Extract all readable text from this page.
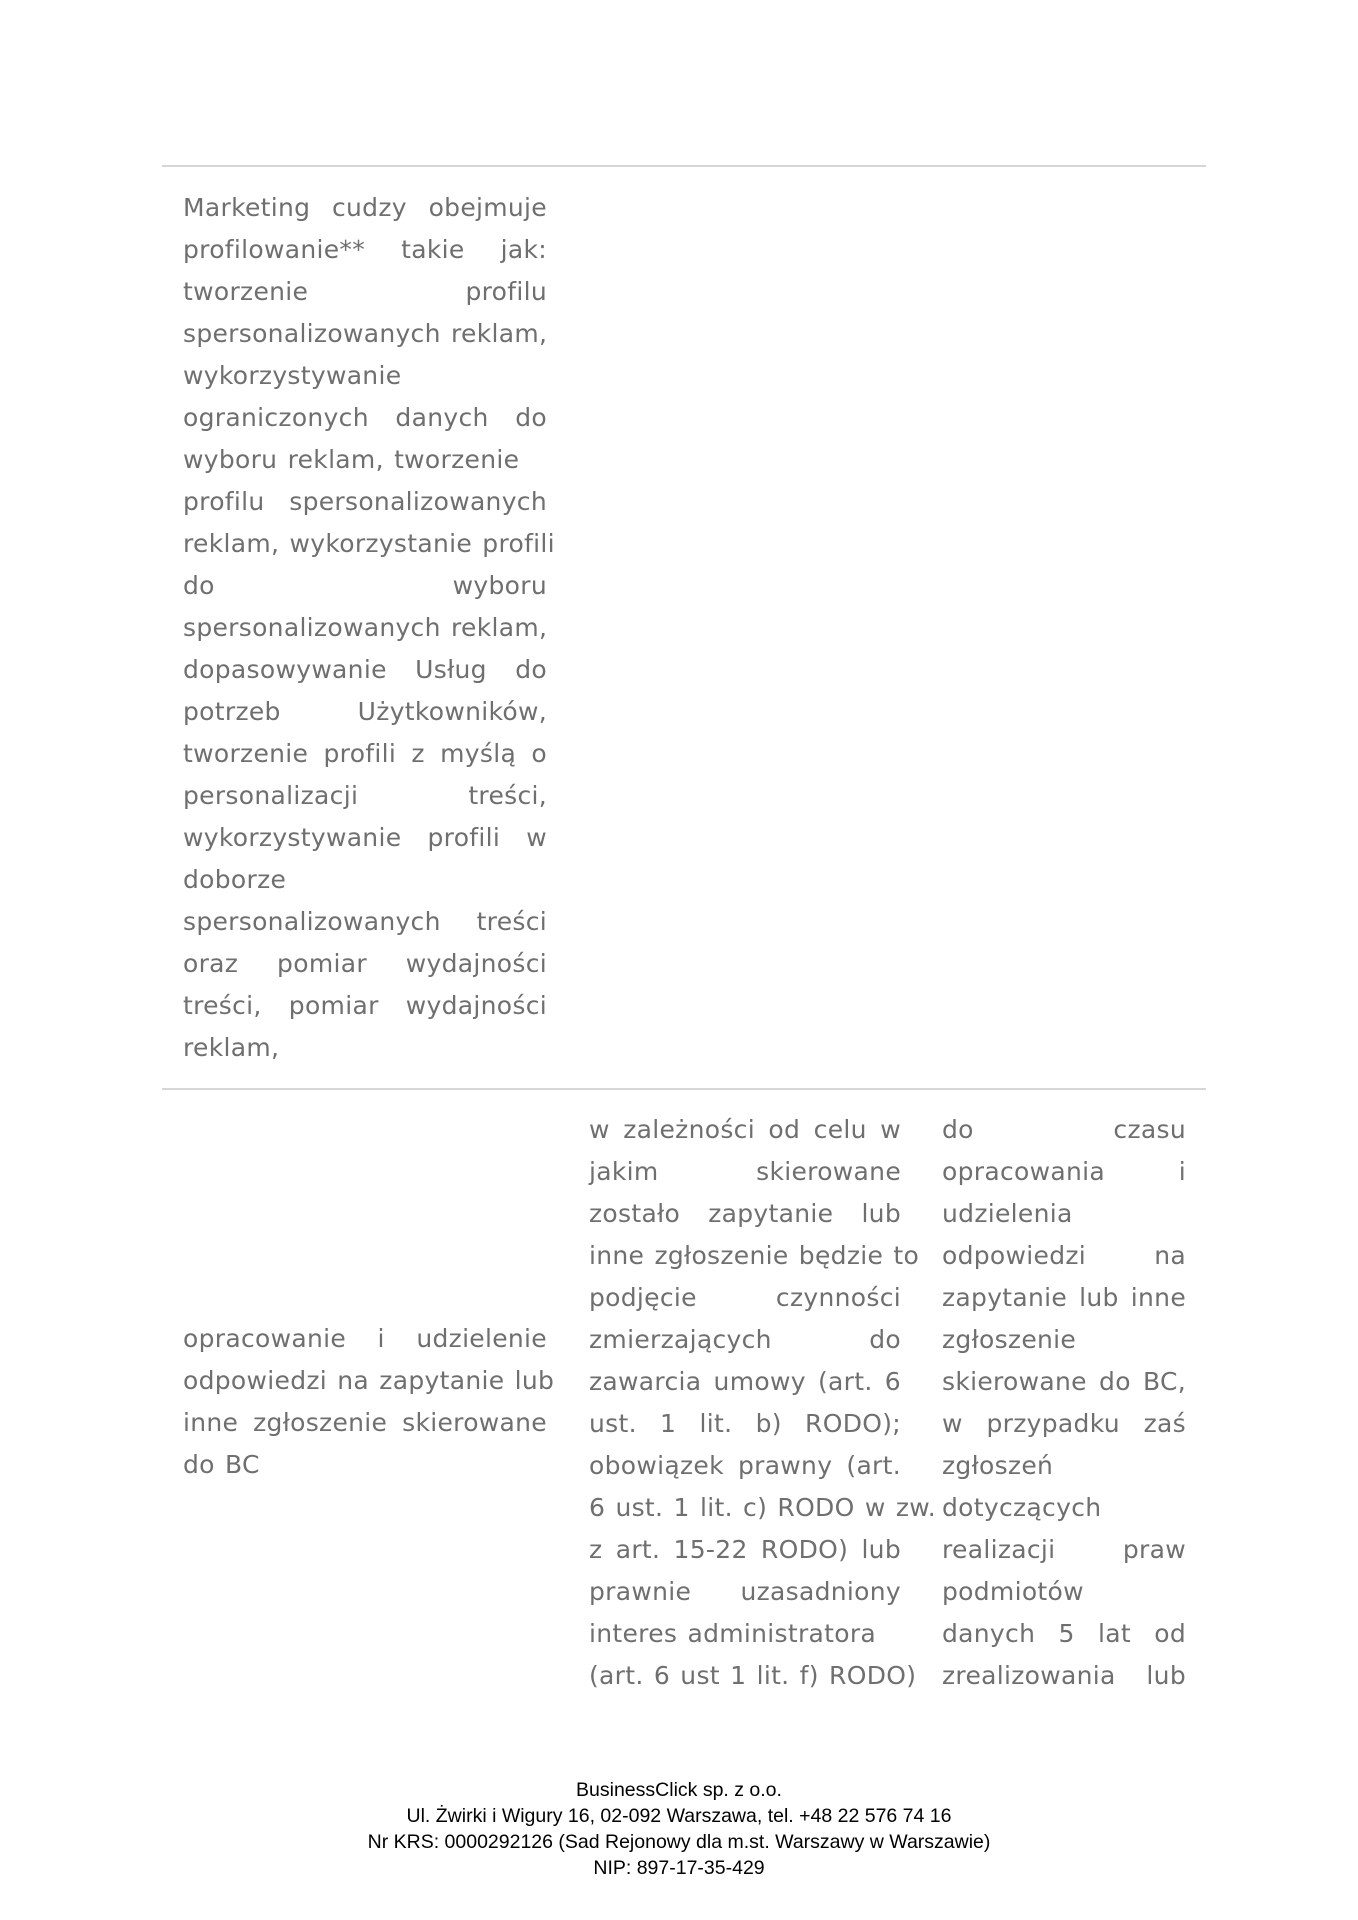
Marketing cudzy obejmuje
profilowanie** takie jak:
tworzenie profilu
spersonalizowanych reklam,
wykorzystywanie
ograniczonych danych do
wyboru reklam, tworzenie
profilu spersonalizowanych
reklam, wykorzystanie profili
do wyboru
spersonalizowanych reklam,
dopasowywanie Usług do
potrzeb Użytkowników,
tworzenie profili z myślą o
personalizacji treści,
wykorzystywanie profili w
doborze
spersonalizowanych treści
oraz pomiar wydajności
treści, pomiar wydajności
reklam,
opracowanie i udzielenie
odpowiedzi na zapytanie lub
inne zgłoszenie skierowane
do BC
w zależności od celu w
jakim skierowane
zostało zapytanie lub
inne zgłoszenie będzie to
podjęcie czynności
zmierzających do
zawarcia umowy (art. 6
ust. 1 lit. b) RODO);
obowiązek prawny (art.
6 ust. 1 lit. c) RODO w zw.
z art. 15-22 RODO) lub
prawnie uzasadniony
interes administratora
(art. 6 ust 1 lit. f) RODO)
do czasu
opracowania i
udzielenia
odpowiedzi na
zapytanie lub inne
zgłoszenie
skierowane do BC,
w przypadku zaś
zgłoszeń
dotyczących
realizacji praw
podmiotów
danych 5 lat od
zrealizowania lub
BusinessClick sp. z o.o.
Ul. Żwirki i Wigury 16, 02-092 Warszawa, tel. +48 22 576 74 16
Nr KRS: 0000292126 (Sad Rejonowy dla m.st. Warszawy w Warszawie)
NIP: 897-17-35-429
